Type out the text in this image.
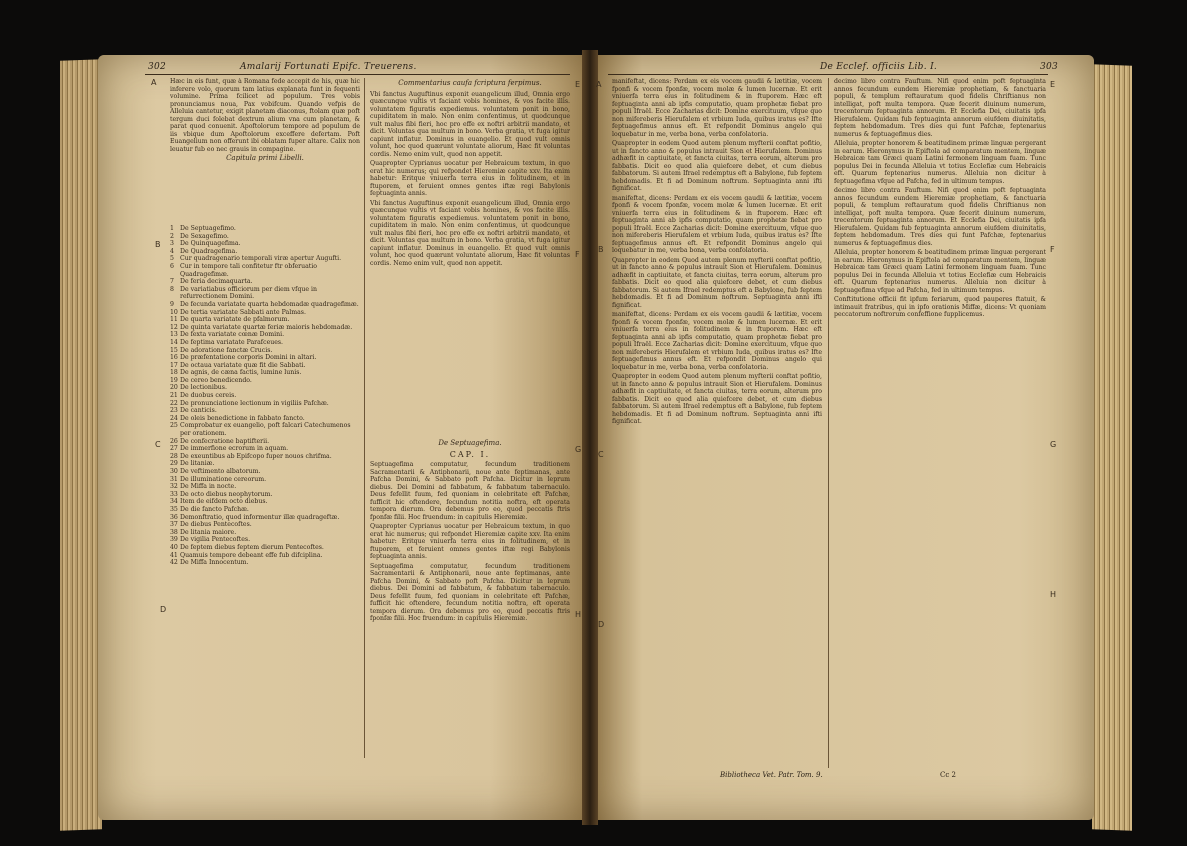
302	Amalarij Fortunati Epifc. Treuerens.	De Ecclef. officiis Lib. I.	303
A
B
C
D
E
F
G
H
A
B
C
D
E
F
G
H

Hæc in eis funt, quæ à Romana fede accepit de his, quæ hic inferere volo, quorum tam latius explanata funt in fequenti volumine. Prima fcilicet ad populum. Tres vobis pronunciamus noua, Pax vobifcum. Quando vefpis de Alleluia cantetur, exigit planetam diaconus, ftolam quæ poft tergum duci folebat dextrum alium vna cum planetam, & parat quod conuenit. Apoftolorum tempore ad populum de iis vbique dum Apoftolorum exceffere defertam. Poft Euangelium non offerunt ibi oblatam fuper altare. Calix non leuatur fub eo nec grauis in compagine.

Capitula primi Libelli.
1 De Septuagefimo.
2 De Sexagefimo.
3 De Quinquagefima.
4 De Quadragefima.
5 Cur quadragenario temporali viræ apertur Augufti.
6 Cur in tempore tali confitetur ftr obferuatio Quadragefimæ.
7 De feria decimaquarta.
8 De variatiabus officiorum per diem vfque in refurrectionem Domini.
9 De fecunda variatate quarta hebdomadæ quadragefimæ.
10 De tertia variatate Sabbati ante Palmas.
11 De quarta variatate de pfalmorum.
12 De quinta variatate quartæ feriæ maioris hebdomadæ.
13 De fexta variatate cœnæ Domini.
14 De feptima variatate Parafceues.
15 De adoratione fanctæ Crucis.
16 De præfentatione corporis Domini in altari.
17 De octaua variatate quæ fit die Sabbati.
18 De agnis, de cæna factis, lumine lunis.
19 De cereo benedicendo.
20 De lectionibus.
21 De duobus cereis.
22 De pronunciatione lectionum in vigiliis Pafchæ.
23 De canticis.
24 De oleis benedictione in fabbato fancto.
25 Comprobatur ex euangelio, poft falcari Catechumenos per orationem.
26 De confecratione baptifterii.
27 De immerfione ecrorum in aquam.
28 De exeuntibus ab Epifcopo fuper nouos chrifma.
29 De litaniæ.
30 De veftimento albatorum.
31 De illuminatione cereorum.
32 De Miffa in nocte.
33 De octo diebus neophytorum.
34 Item de eifdem octo diebus.
35 De die fancto Pafchæ.
36 Demonftratio, quod informentur illæ quadrageftæ.
37 De diebus Pentecoftes.
38 De litania maiore.
39 De vigilia Pentecoftes.
40 De feptem diebus feptem dierum Pentecoftes.
41 Quamuis tempore debeant effe fub difciplina.
42 De Miffa Innocentum.
Commentarius caufa fcriptura ferpimus.

Vbi fanctus Auguftinus exponit euangelicum illud, Omnia ergo quæcunque vultis vt faciant vobis homines, & vos facite illis. voluntatem figuratis expediemus. voluntatem ponit in bono, cupiditatem in malo. Non enim confentimus, ut quodcunque vult malus fibi fieri, hoc pro effe ex noftri arbitrii mandato, et dicit. Voluntas qua multum in bono. Verba gratia, vt fuga igitur capiunt inflatur. Dominus in euangelio. Et quod vult omnis volunt, hoc quod quærunt voluntate aliorum, Hæc fit voluntas cordis. Nemo enim vult, quod non appetit.

Quapropter Cyprianus uocatur per Hebraicum textum, in quo erat hic numerus; qui refpondet Hieremiæ capite xxv. Ita enim habetur: Eritque vniuerfa terra eius in folitudinem, et in ftuporem, et feruient omnes gentes iftæ regi Babylonis feptuaginta annis.

Vbi fanctus Auguftinus exponit euangelicum illud, Omnia ergo quæcunque vultis vt faciant vobis homines, & vos facite illis. voluntatem figuratis expediemus. voluntatem ponit in bono, cupiditatem in malo. Non enim confentimus, ut quodcunque vult malus fibi fieri, hoc pro effe ex noftri arbitrii mandato, et dicit. Voluntas qua multum in bono. Verba gratia, vt fuga igitur capiunt inflatur. Dominus in euangelio. Et quod vult omnis volunt, hoc quod quærunt voluntate aliorum, Hæc fit voluntas cordis. Nemo enim vult, quod non appetit.

De Septuagefima.
CAP. I.

Septuagefima computatur, fecundum traditionem Sacramentarii & Antiphonarii, noue ante feptimanas, ante Pafcha Domini, & Sabbato poft Pafcha. Dicitur in leprum diebus. Dei Domini ad fabbatum, & fabbatum tabernaculo. Deus fefellit fuum, fed quoniam in celebritate eft Pafchæ, fufficit hic oftendere, fecundum notitia noftra, eft operata tempora dierum. Ora debemus pro eo, quod peccatis ftris fponfæ filii. Hoc fruendum: in capitulis Hieremiæ.

Quapropter Cyprianus uocatur per Hebraicum textum, in quo erat hic numerus; qui refpondet Hieremiæ capite xxv. Ita enim habetur: Eritque vniuerfa terra eius in folitudinem, et in ftuporem, et feruient omnes gentes iftæ regi Babylonis feptuaginta annis.

Septuagefima computatur, fecundum traditionem Sacramentarii & Antiphonarii, noue ante feptimanas, ante Pafcha Domini, & Sabbato poft Pafcha. Dicitur in leprum diebus. Dei Domini ad fabbatum, & fabbatum tabernaculo. Deus fefellit fuum, fed quoniam in celebritate eft Pafchæ, fufficit hic oftendere, fecundum notitia noftra, eft operata tempora dierum. Ora debemus pro eo, quod peccatis ftris fponfæ filii. Hoc fruendum: in capitulis Hieremiæ.

manifeftat, dicens: Perdam ex eis vocem gaudii & lætitiæ, vocem fponfi & vocem fponfæ, vocem molæ & lumen lucernæ. Et erit vniuerfa terra eius in folitudinem & in ftuporem. Hæc eft feptuaginta anni ab ipfis computatio, quam prophetæ fiebat pro populi Ifraël. Ecce Zacharias dicit: Domine exercituum, vfque quo non mifereberis Hierufalem et vrbium Iuda, quibus iratus es? Ifte feptuagefimus annus eft. Et refpondit Dominus angelo qui loquebatur in me, verba bona, verba confolatoria.

Quapropter in eodem Quod autem plenum myfterii conftat pofitio, ut in fancto anno & populus intrauit Sion et Hierufalem. Dominus adhæfit in captiuitate, et fancta ciuitas, terra eorum, alterum pro fabbatis. Dicit eo quod alia quiefcere debet, et cum diebus fabbatorum. Si autem Ifrael redemptus eft a Babylone, fub feptem hebdomadis. Et fi ad Dominum noftrum. Septuaginta anni ifti fignificat.

manifeftat, dicens: Perdam ex eis vocem gaudii & lætitiæ, vocem fponfi & vocem fponfæ, vocem molæ & lumen lucernæ. Et erit vniuerfa terra eius in folitudinem & in ftuporem. Hæc eft feptuaginta anni ab ipfis computatio, quam prophetæ fiebat pro populi Ifraël. Ecce Zacharias dicit: Domine exercituum, vfque quo non mifereberis Hierufalem et vrbium Iuda, quibus iratus es? Ifte feptuagefimus annus eft. Et refpondit Dominus angelo qui loquebatur in me, verba bona, verba confolatoria.

Quapropter in eodem Quod autem plenum myfterii conftat pofitio, ut in fancto anno & populus intrauit Sion et Hierufalem. Dominus adhæfit in captiuitate, et fancta ciuitas, terra eorum, alterum pro fabbatis. Dicit eo quod alia quiefcere debet, et cum diebus fabbatorum. Si autem Ifrael redemptus eft a Babylone, fub feptem hebdomadis. Et fi ad Dominum noftrum. Septuaginta anni ifti fignificat.

manifeftat, dicens: Perdam ex eis vocem gaudii & lætitiæ, vocem fponfi & vocem fponfæ, vocem molæ & lumen lucernæ. Et erit vniuerfa terra eius in folitudinem & in ftuporem. Hæc eft feptuaginta anni ab ipfis computatio, quam prophetæ fiebat pro populi Ifraël. Ecce Zacharias dicit: Domine exercituum, vfque quo non mifereberis Hierufalem et vrbium Iuda, quibus iratus es? Ifte feptuagefimus annus eft. Et refpondit Dominus angelo qui loquebatur in me, verba bona, verba confolatoria.

Quapropter in eodem Quod autem plenum myfterii conftat pofitio, ut in fancto anno & populus intrauit Sion et Hierufalem. Dominus adhæfit in captiuitate, et fancta ciuitas, terra eorum, alterum pro fabbatis. Dicit eo quod alia quiefcere debet, et cum diebus fabbatorum. Si autem Ifrael redemptus eft a Babylone, fub feptem hebdomadis. Et fi ad Dominum noftrum. Septuaginta anni ifti fignificat.

decimo libro contra Fauftum. Nifi quod enim poft feptuaginta annos fecundum eundem Hieremiæ prophetiam, & fanctuaria populi, & templum reftauratum quod fidelis Chriftianus non intelligat, poft multa tempora. Quæ fecerit diuinum numerum, trecentorum feptuaginta annorum. Et Ecclefia Dei, ciuitatis ipfa Hierufalem. Quidam fub feptuaginta annorum eiufdem diuinitatis, feptem hebdomadum. Tres dies qui funt Pafchæ, feptenarius numerus & feptuagefimus dies.

Alleluia, propter honorem & beatitudinem primæ linguæ pergerant in earum. Hieronymus in Epiftola ad comparatum mentem, linguæ Hebraicæ tam Græci quam Latini fermonem linguam fuam. Tunc populus Dei in fecunda Alleluia vt totius Ecclefiæ cum Hebraicis eft. Quarum feptenarius numerus. Alleluia non dicitur à feptuagefima vfque ad Pafcha, fed in ultimum tempus.

decimo libro contra Fauftum. Nifi quod enim poft feptuaginta annos fecundum eundem Hieremiæ prophetiam, & fanctuaria populi, & templum reftauratum quod fidelis Chriftianus non intelligat, poft multa tempora. Quæ fecerit diuinum numerum, trecentorum feptuaginta annorum. Et Ecclefia Dei, ciuitatis ipfa Hierufalem. Quidam fub feptuaginta annorum eiufdem diuinitatis, feptem hebdomadum. Tres dies qui funt Pafchæ, feptenarius numerus & feptuagefimus dies.

Alleluia, propter honorem & beatitudinem primæ linguæ pergerant in earum. Hieronymus in Epiftola ad comparatum mentem, linguæ Hebraicæ tam Græci quam Latini fermonem linguam fuam. Tunc populus Dei in fecunda Alleluia vt totius Ecclefiæ cum Hebraicis eft. Quarum feptenarius numerus. Alleluia non dicitur à feptuagefima vfque ad Pafcha, fed in ultimum tempus.

Conftitutione officii fit ipfum feriarum, quod pauperes ftatuit, & intimauit fratribus, qui in ipfo orationis Miffæ, dicens: Vt quoniam peccatorum noftrorum confeffione fupplicemus.

Bibliotheca Vet. Patr. Tom. 9.	Cc 2
